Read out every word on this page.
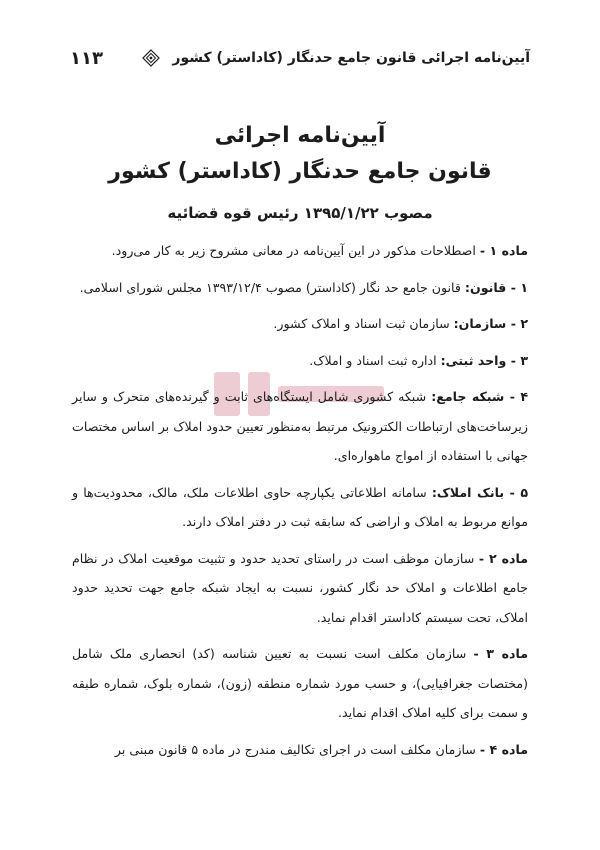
آیین‌نامه اجرائی قانون جامع حدنگار (کاداستر) کشور
۱۱۳
آیین‌نامه اجرائی
قانون جامع حدنگار (کاداستر) کشور
مصوب ۱۳۹۵/۱/۲۲ رئیس قوه قضائیه

ماده ۱ - اصطلاحات مذکور در این آیین‌نامه در معانی مشروح زیر به کار می‌رود.

۱ - قانون: قانون جامع حد نگار (کاداستر) مصوب ۱۳۹۳/۱۲/۴ مجلس شورای اسلامی.

۲ - سازمان: سازمان ثبت اسناد و املاک کشور.

۳ - واحد ثبتی: اداره ثبت اسناد و املاک.

۴ - شبکه جامع: شبکه کشوری شامل ایستگاه‌های ثابت و گیرنده‌های متحرک و سایر زیرساخت‌های ارتباطات الکترونیک مرتبط به‌منظور تعیین حدود املاک بر اساس مختصات جهانی با استفاده از امواج ماهواره‌ای.

۵ - بانک املاک: سامانه اطلاعاتی یکپارچه حاوی اطلاعات ملک، مالک، محدودیت‌ها و موانع مربوط به املاک و اراضی که سابقه ثبت در دفتر املاک دارند.

ماده ۲ - سازمان موظف است در راستای تحدید حدود و تثبیت موقعیت املاک در نظام جامع اطلاعات و املاک حد نگار کشور، نسبت به ایجاد شبکه جامع جهت تحدید حدود املاک، تحت سیستم کاداستر اقدام نماید.

ماده ۳ - سازمان مکلف است نسبت به تعیین شناسه (کد) انحصاری ملک شامل (مختصات جغرافیایی)، و حسب مورد شماره منطقه (زون)، شماره بلوک، شماره طبقه و سمت برای کلیه املاک اقدام نماید.

ماده ۴ - سازمان مکلف است در اجرای تکالیف مندرج در ماده ۵ قانون مبنی بر
